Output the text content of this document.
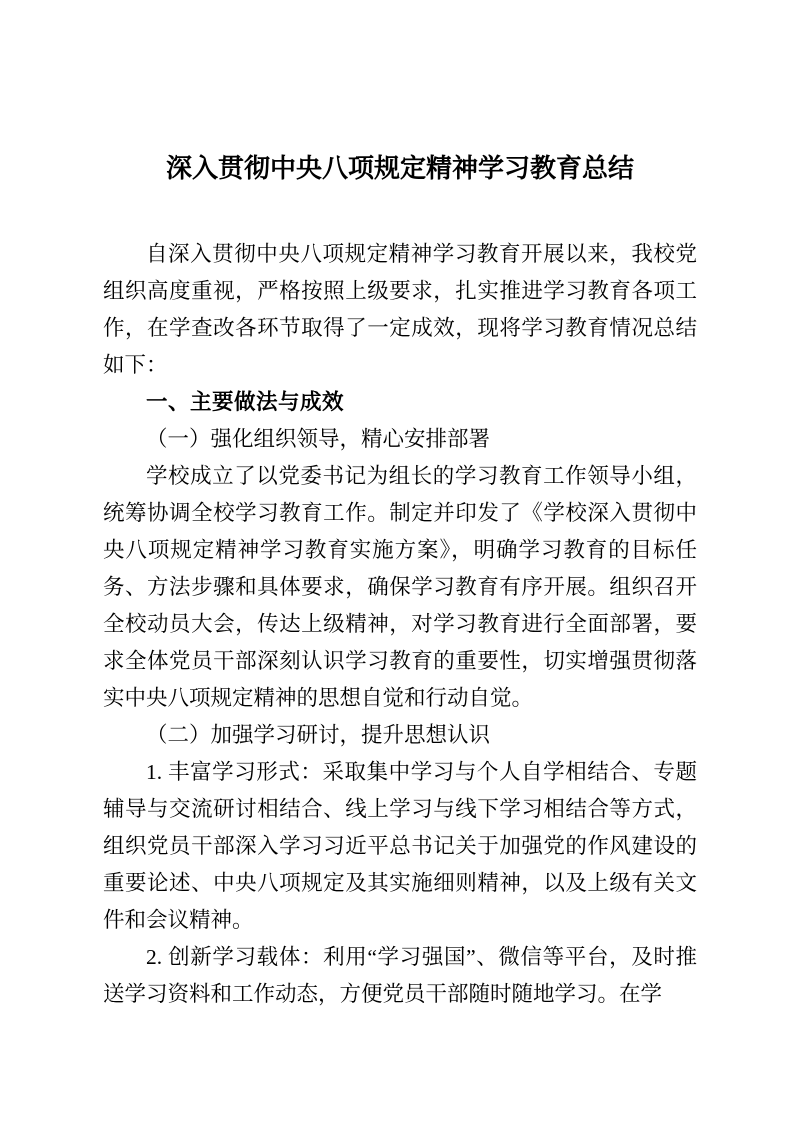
深入贯彻中央八项规定精神学习教育总结

自深入贯彻中央八项规定精神学习教育开展以来，我校党组织高度重视，严格按照上级要求，扎实推进学习教育各项工作，在学查改各环节取得了一定成效，现将学习教育情况总结如下：

一、主要做法与成效

（一）强化组织领导，精心安排部署

学校成立了以党委书记为组长的学习教育工作领导小组，统筹协调全校学习教育工作。制定并印发了《学校深入贯彻中央八项规定精神学习教育实施方案》，明确学习教育的目标任务、方法步骤和具体要求，确保学习教育有序开展。组织召开全校动员大会，传达上级精神，对学习教育进行全面部署，要求全体党员干部深刻认识学习教育的重要性，切实增强贯彻落实中央八项规定精神的思想自觉和行动自觉。

（二）加强学习研讨，提升思想认识

1. 丰富学习形式：采取集中学习与个人自学相结合、专题辅导与交流研讨相结合、线上学习与线下学习相结合等方式，组织党员干部深入学习习近平总书记关于加强党的作风建设的重要论述、中央八项规定及其实施细则精神，以及上级有关文件和会议精神。

2. 创新学习载体：利用“学习强国”、微信等平台，及时推送学习资料和工作动态，方便党员干部随时随地学习。在学
